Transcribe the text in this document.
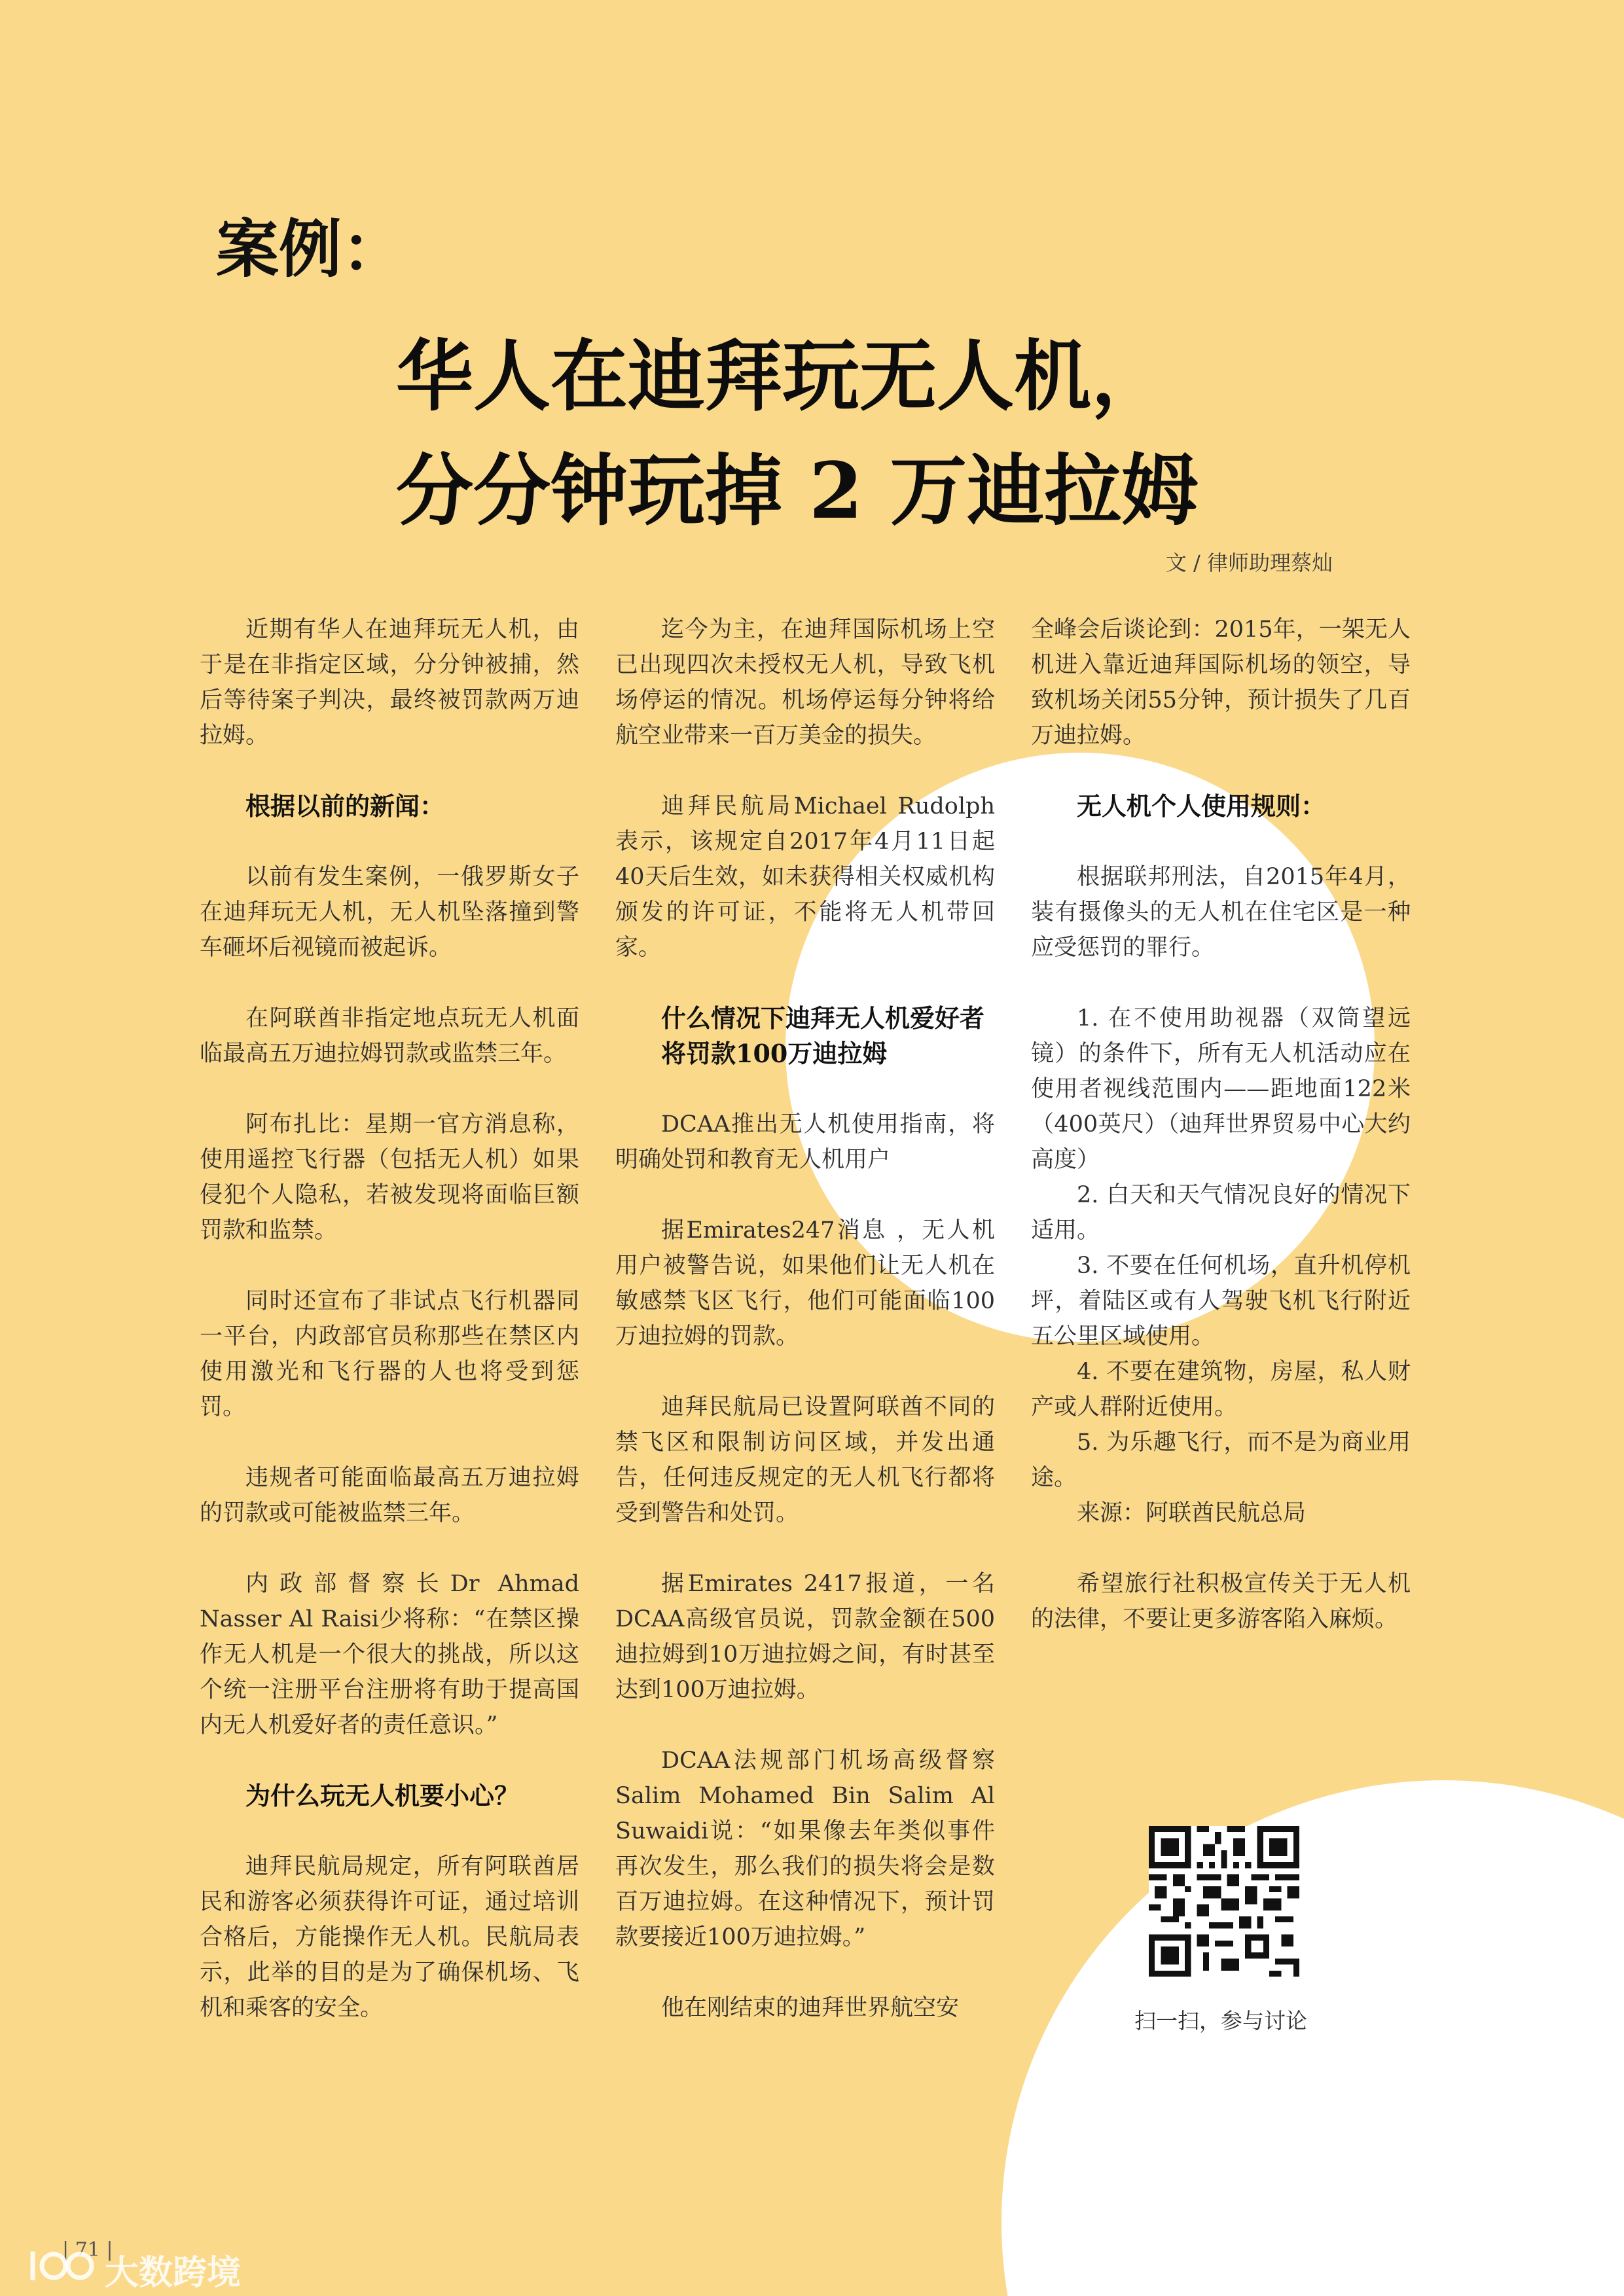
案例：
华人在迪拜玩无人机，
分分钟玩掉 2 万迪拉姆
文 / 律师助理蔡灿

近期有华人在迪拜玩无人机，由于是在非指定区域，分分钟被捕，然后等待案子判决，最终被罚款两万迪拉姆。

根据以前的新闻：

以前有发生案例，一俄罗斯女子在迪拜玩无人机，无人机坠落撞到警车砸坏后视镜而被起诉。

在阿联酋非指定地点玩无人机面临最高五万迪拉姆罚款或监禁三年。

阿布扎比：星期一官方消息称，使用遥控飞行器（包括无人机）如果侵犯个人隐私，若被发现将面临巨额罚款和监禁。

同时还宣布了非试点飞行机器同一平台，内政部官员称那些在禁区内使用激光和飞行器的人也将受到惩罚。

违规者可能面临最高五万迪拉姆的罚款或可能被监禁三年。

内政部督察长Dr Ahmad Nasser Al Raisi少将称：“在禁区操作无人机是一个很大的挑战，所以这个统一注册平台注册将有助于提高国内无人机爱好者的责任意识。”

为什么玩无人机要小心？

迪拜民航局规定，所有阿联酋居民和游客必须获得许可证，通过培训合格后，方能操作无人机。民航局表示，此举的目的是为了确保机场、飞机和乘客的安全。

迄今为主，在迪拜国际机场上空已出现四次未授权无人机，导致飞机场停运的情况。机场停运每分钟将给航空业带来一百万美金的损失。

迪拜民航局Michael Rudolph表示，该规定自2017年4月11日起40天后生效，如未获得相关权威机构颁发的许可证，不能将无人机带回家。

什么情况下迪拜无人机爱好者将罚款100万迪拉姆

DCAA推出无人机使用指南，将明确处罚和教育无人机用户

据Emirates247消息 ，无人机用户被警告说，如果他们让无人机在敏感禁飞区飞行，他们可能面临100万迪拉姆的罚款。

迪拜民航局已设置阿联酋不同的禁飞区和限制访问区域，并发出通告，任何违反规定的无人机飞行都将受到警告和处罚。

据Emirates 2417报道，一名DCAA高级官员说，罚款金额在500迪拉姆到10万迪拉姆之间，有时甚至达到100万迪拉姆。

DCAA法规部门机场高级督察Salim Mohamed Bin Salim Al Suwaidi说：“如果像去年类似事件再次发生，那么我们的损失将会是数百万迪拉姆。在这种情况下，预计罚款要接近100万迪拉姆。”

他在刚结束的迪拜世界航空安

全峰会后谈论到：2015年，一架无人机进入靠近迪拜国际机场的领空，导致机场关闭55分钟，预计损失了几百万迪拉姆。

无人机个人使用规则：

根据联邦刑法，自2015年4月，装有摄像头的无人机在住宅区是一种应受惩罚的罪行。

1. 在不使用助视器（双筒望远镜）的条件下，所有无人机活动应在使用者视线范围内——距地面122米（400英尺）（迪拜世界贸易中心大约高度）

2. 白天和天气情况良好的情况下适用。

3. 不要在任何机场，直升机停机坪，着陆区或有人驾驶飞机飞行附近五公里区域使用。

4. 不要在建筑物，房屋，私人财产或人群附近使用。

5. 为乐趣飞行，而不是为商业用途。

来源：阿联酋民航总局

希望旅行社积极宣传关于无人机的法律，不要让更多游客陷入麻烦。

扫一扫，参与讨论
| 71 |
大数跨境
